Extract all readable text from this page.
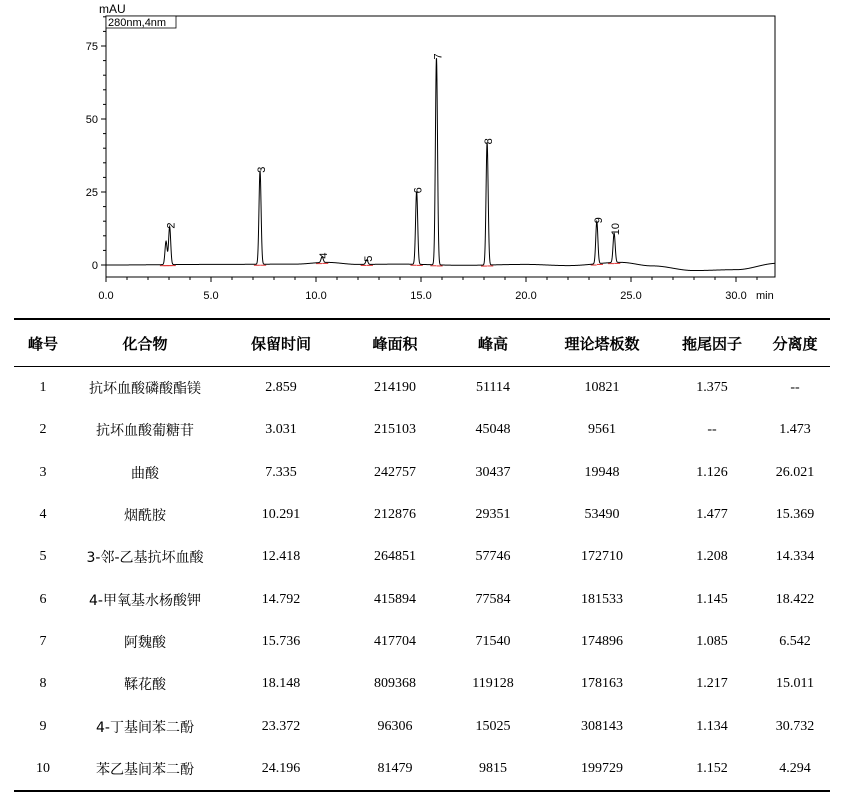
mAU
280nm,4nm
min
0
25
50
75
0.0	5.0	10.0	15.0	20.0	25.0	30.0
2
3
4
5
6
7
8
9
10
峰号	化合物	保留时间	峰面积	峰高	理论塔板数	拖尾因子	分离度
1	抗坏血酸磷酸酯镁	2.859	214190	51114	10821	1.375	--
2	抗坏血酸葡糖苷	3.031	215103	45048	9561	--	1.473
3	曲酸	7.335	242757	30437	19948	1.126	26.021
4	烟酰胺	10.291	212876	29351	53490	1.477	15.369
5	3-邻-乙基抗坏血酸	12.418	264851	57746	172710	1.208	14.334
6	4-甲氧基水杨酸钾	14.792	415894	77584	181533	1.145	18.422
7	阿魏酸	15.736	417704	71540	174896	1.085	6.542
8	鞣花酸	18.148	809368	119128	178163	1.217	15.011
9	4-丁基间苯二酚	23.372	96306	15025	308143	1.134	30.732
10	苯乙基间苯二酚	24.196	81479	9815	199729	1.152	4.294
